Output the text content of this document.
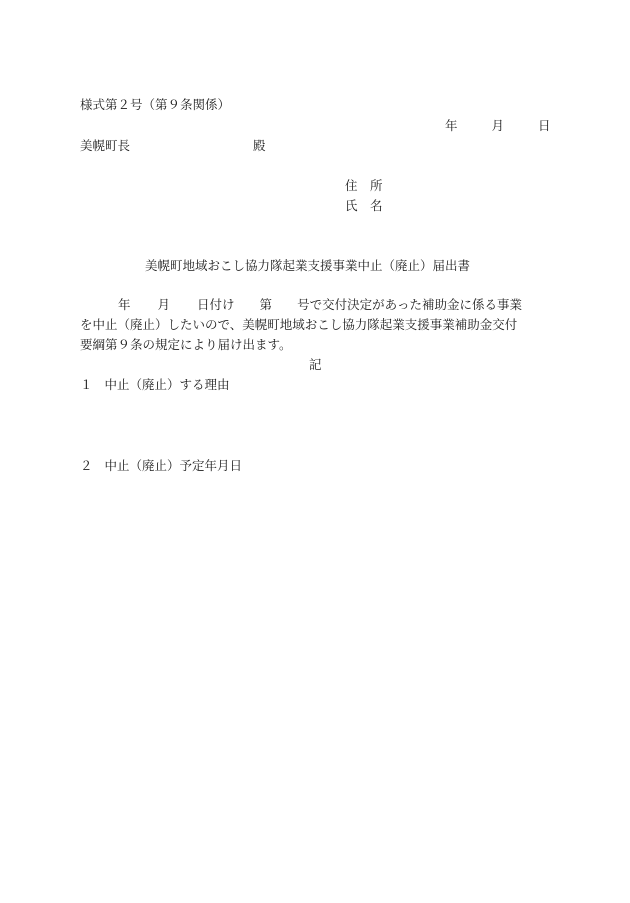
様式第２号（第９条関係）
年	月	日
美幌町長	殿
住　所
氏　名
美幌町地域おこし協力隊起業支援事業中止（廃止）届出書
年 月 日付け 第 号で交付決定があった補助金に係る事業
を中止（廃止）したいので、美幌町地域おこし協力隊起業支援事業補助金交付
要綱第９条の規定により届け出ます。
記
１ 中止（廃止）する理由
２ 中止（廃止）予定年月日
